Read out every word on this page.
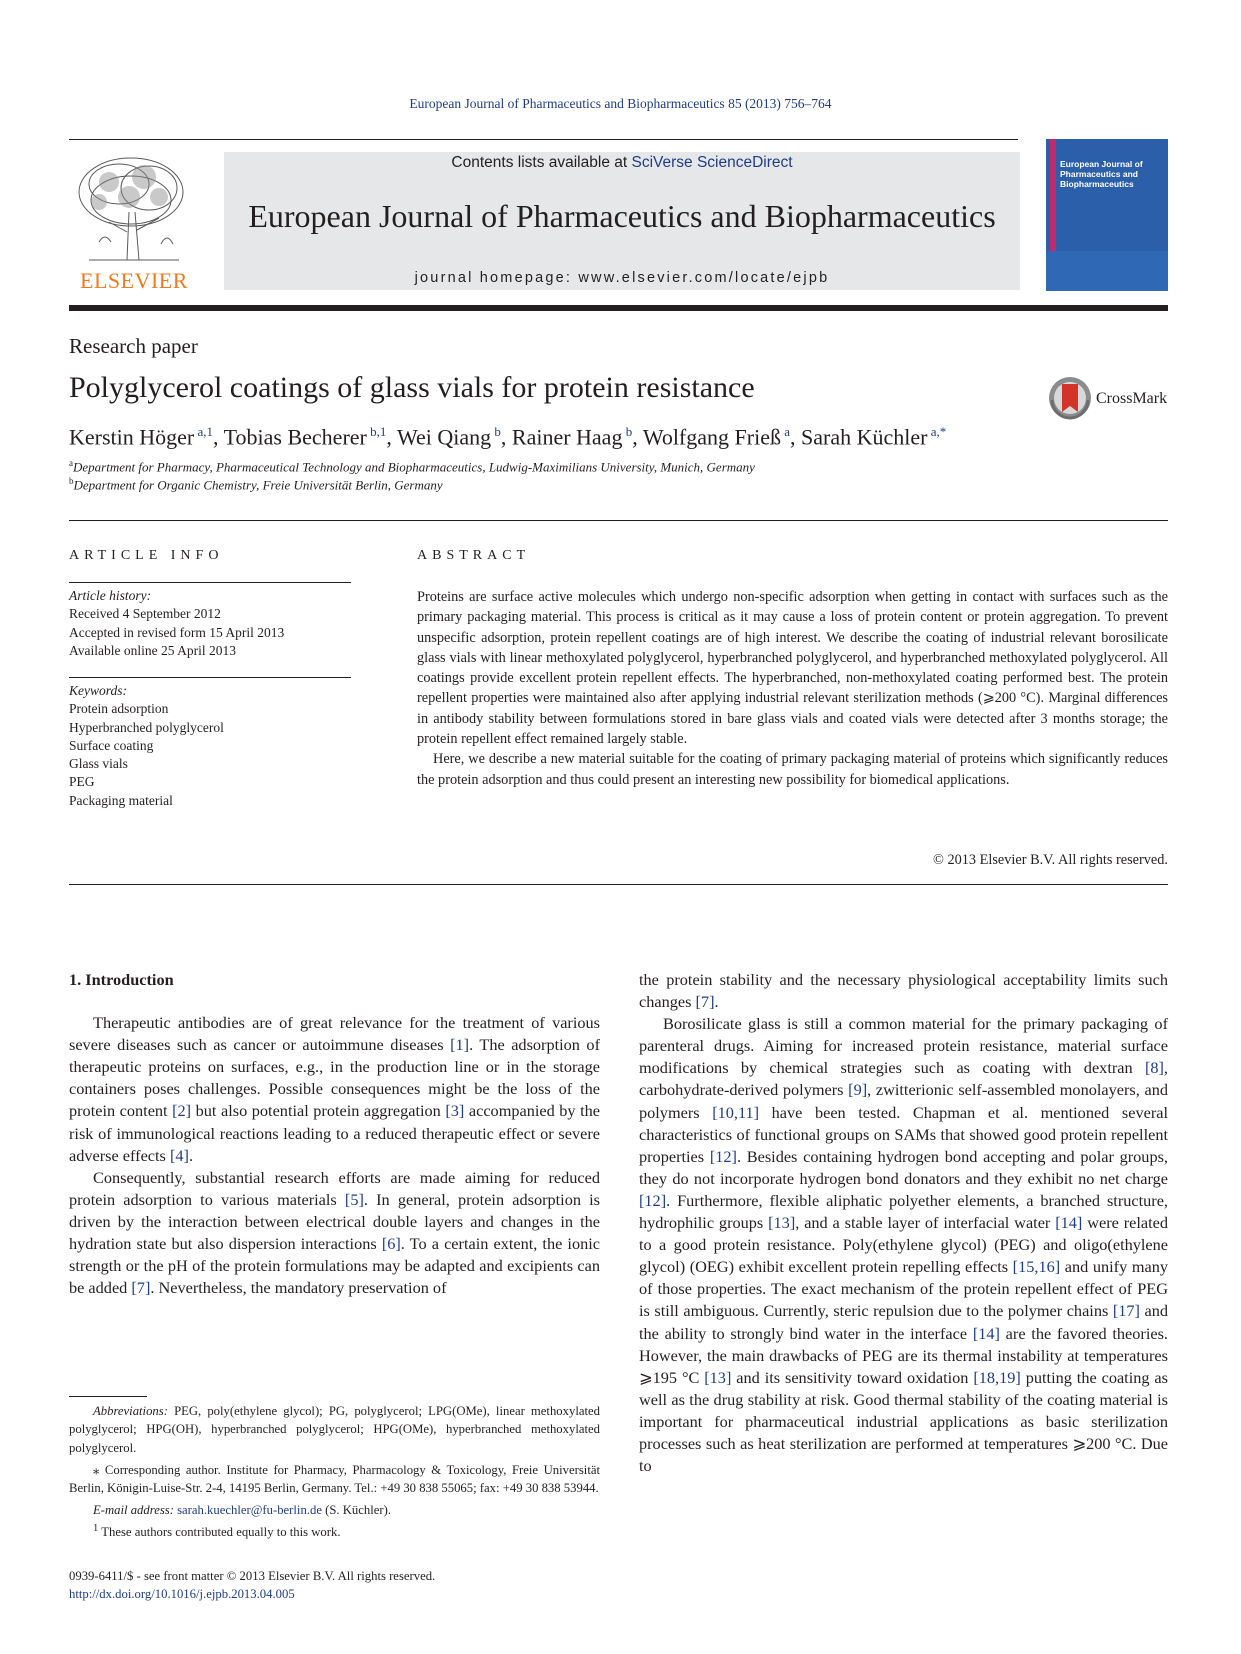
European Journal of Pharmaceutics and Biopharmaceutics 85 (2013) 756–764
ELSEVIER
Contents lists available at SciVerse ScienceDirect
European Journal of Pharmaceutics and Biopharmaceutics
journal homepage: www.elsevier.com/locate/ejpb
European Journal of Pharmaceutics and Biopharmaceutics
Research paper
Polyglycerol coatings of glass vials for protein resistance	CrossMark
Kerstin Höger $^{a,1}$, Tobias Becherer $^{b,1}$, Wei Qiang $^b$, Rainer Haag $^b$, Wolfgang Frieß $^a$, Sarah Küchler $^{a,*}$
$^a$Department for Pharmacy, Pharmaceutical Technology and Biopharmaceutics, Ludwig-Maximilians University, Munich, Germany
$^b$Department for Organic Chemistry, Freie Universität Berlin, Germany
ARTICLE INFO
Article history:
Received 4 September 2012
Accepted in revised form 15 April 2013
Available online 25 April 2013
Keywords:
Protein adsorption
Hyperbranched polyglycerol
Surface coating
Glass vials
PEG
Packaging material
ABSTRACT

Proteins are surface active molecules which undergo non-specific adsorption when getting in contact with surfaces such as the primary packaging material. This process is critical as it may cause a loss of protein content or protein aggregation. To prevent unspecific adsorption, protein repellent coatings are of high interest. We describe the coating of industrial relevant borosilicate glass vials with linear methoxylated polyglycerol, hyperbranched polyglycerol, and hyperbranched methoxylated polyglycerol. All coatings provide excellent protein repellent effects. The hyperbranched, non-methoxylated coating performed best. The protein repellent properties were maintained also after applying industrial relevant sterilization methods (⩾200 °C). Marginal differences in antibody stability between formulations stored in bare glass vials and coated vials were detected after 3 months storage; the protein repellent effect remained largely stable.

Here, we describe a new material suitable for the coating of primary packaging material of proteins which significantly reduces the protein adsorption and thus could present an interesting new possibility for biomedical applications.

© 2013 Elsevier B.V. All rights reserved.

1. Introduction

Therapeutic antibodies are of great relevance for the treatment of various severe diseases such as cancer or autoimmune diseases [1]. The adsorption of therapeutic proteins on surfaces, e.g., in the production line or in the storage containers poses challenges. Possible consequences might be the loss of the protein content [2] but also potential protein aggregation [3] accompanied by the risk of immunological reactions leading to a reduced therapeutic effect or severe adverse effects [4].

Consequently, substantial research efforts are made aiming for reduced protein adsorption to various materials [5]. In general, protein adsorption is driven by the interaction between electrical double layers and changes in the hydration state but also dispersion interactions [6]. To a certain extent, the ionic strength or the pH of the protein formulations may be adapted and excipients can be added [7]. Nevertheless, the mandatory preservation of

the protein stability and the necessary physiological acceptability limits such changes [7].

Borosilicate glass is still a common material for the primary packaging of parenteral drugs. Aiming for increased protein resistance, material surface modifications by chemical strategies such as coating with dextran [8], carbohydrate-derived polymers [9], zwitterionic self-assembled monolayers, and polymers [10,11] have been tested. Chapman et al. mentioned several characteristics of functional groups on SAMs that showed good protein repellent properties [12]. Besides containing hydrogen bond accepting and polar groups, they do not incorporate hydrogen bond donators and they exhibit no net charge [12]. Furthermore, flexible aliphatic polyether elements, a branched structure, hydrophilic groups [13], and a stable layer of interfacial water [14] were related to a good protein resistance. Poly(ethylene glycol) (PEG) and oligo(ethylene glycol) (OEG) exhibit excellent protein repelling effects [15,16] and unify many of those properties. The exact mechanism of the protein repellent effect of PEG is still ambiguous. Currently, steric repulsion due to the polymer chains [17] and the ability to strongly bind water in the interface [14] are the favored theories. However, the main drawbacks of PEG are its thermal instability at temperatures ⩾195 °C [13] and its sensitivity toward oxidation [18,19] putting the coating as well as the drug stability at risk. Good thermal stability of the coating material is important for pharmaceutical industrial applications as basic sterilization processes such as heat sterilization are performed at temperatures ⩾200 °C. Due to

Abbreviations: PEG, poly(ethylene glycol); PG, polyglycerol; LPG(OMe), linear methoxylated polyglycerol; HPG(OH), hyperbranched polyglycerol; HPG(OMe), hyperbranched methoxylated polyglycerol.

⁎ Corresponding author. Institute for Pharmacy, Pharmacology & Toxicology, Freie Universität Berlin, Königin-Luise-Str. 2-4, 14195 Berlin, Germany. Tel.: +49 30 838 55065; fax: +49 30 838 53944.

E-mail address: sarah.kuechler@fu-berlin.de (S. Küchler).

$^1$ These authors contributed equally to this work.

0939-6411/$ - see front matter © 2013 Elsevier B.V. All rights reserved.
http://dx.doi.org/10.1016/j.ejpb.2013.04.005
